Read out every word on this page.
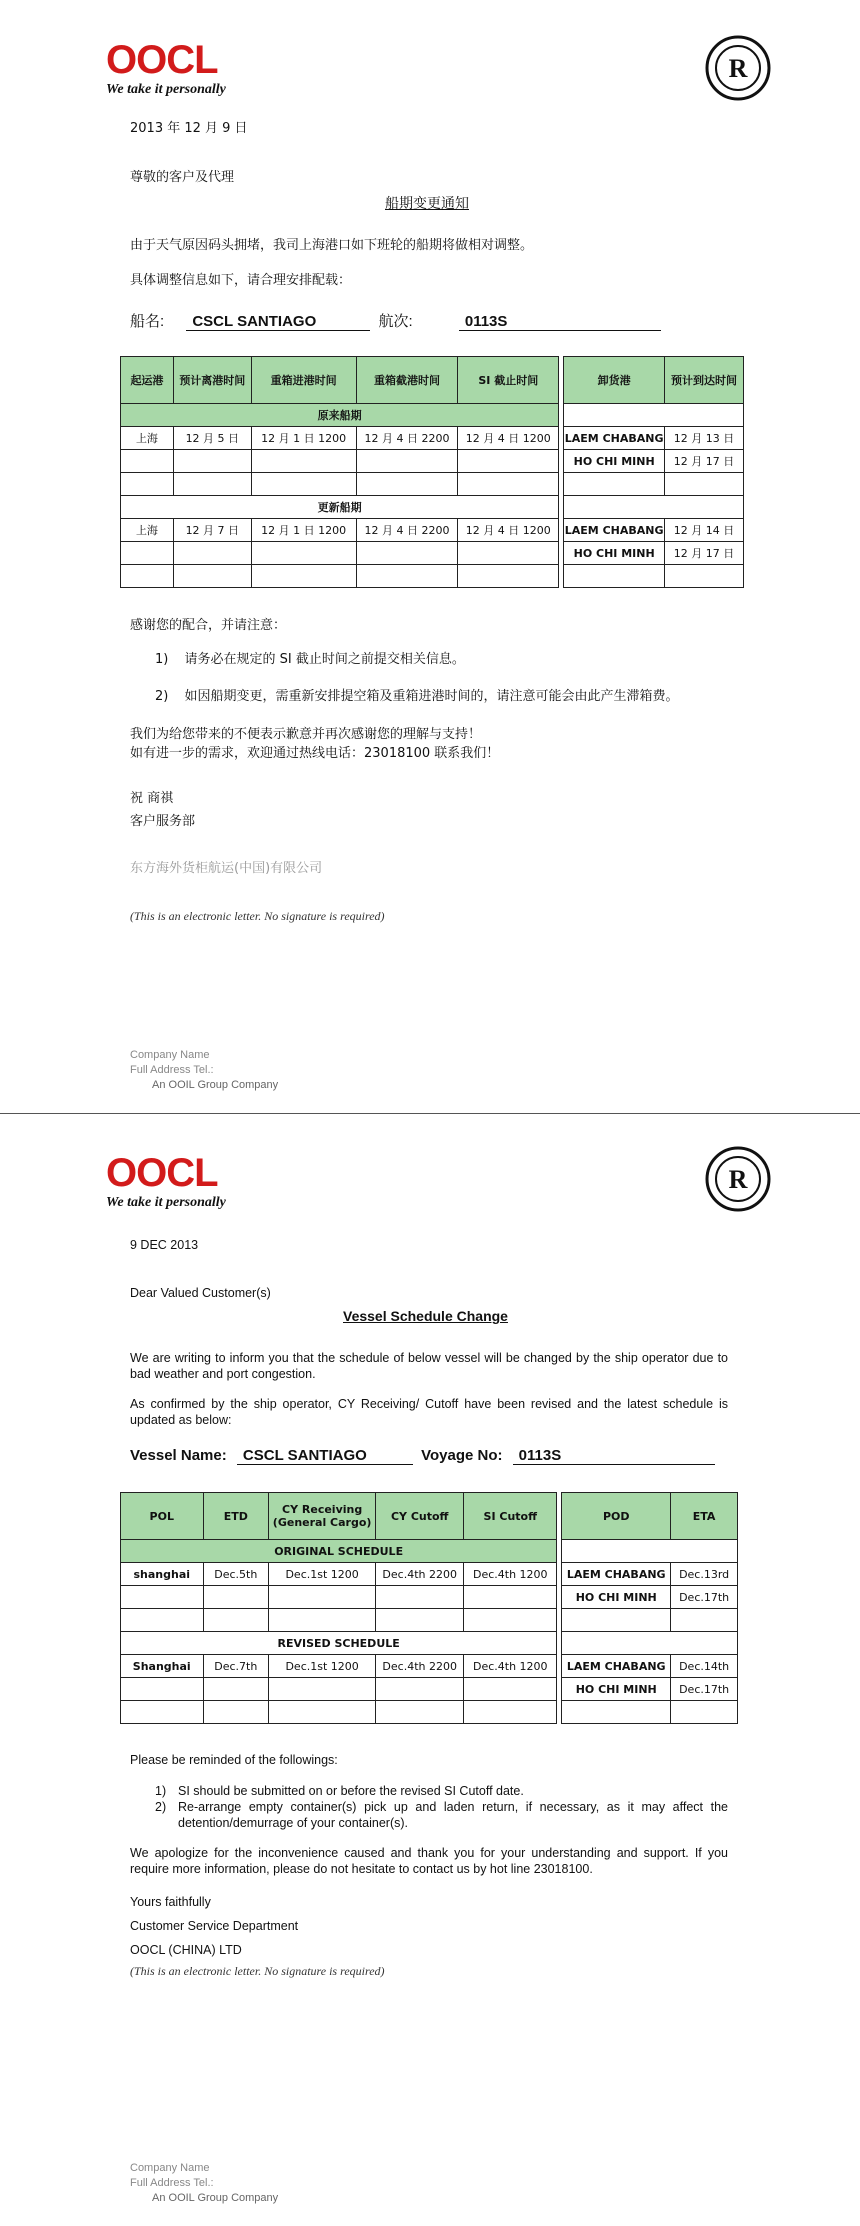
OOCL
We take it personally
R
2013 年 12 月 9 日
尊敬的客户及代理
船期变更通知
由于天气原因码头拥堵，我司上海港口如下班轮的船期将做相对调整。
具体调整信息如下，请合理安排配载：
船名: CSCL SANTIAGO	航次:	0113S
起运港	预计离港时间	重箱进港时间	重箱截港时间	SI 截止时间		卸货港	预计到达时间
原来船期							
上海	12 月 5 日	12 月 1 日 1200	12 月 4 日 2200	12 月 4 日 1200		LAEM CHABANG	12 月 13 日
						HO CHI MINH	12 月 17 日

更新船期							
上海	12 月 7 日	12 月 1 日 1200	12 月 4 日 2200	12 月 4 日 1200		LAEM CHABANG	12 月 14 日
						HO CHI MINH	12 月 17 日

感谢您的配合，并请注意：
1) 请务必在规定的 SI 截止时间之前提交相关信息。
2) 如因船期变更，需重新安排提空箱及重箱进港时间的，请注意可能会由此产生滞箱费。
我们为给您带来的不便表示歉意并再次感谢您的理解与支持！
如有进一步的需求，欢迎通过热线电话：23018100 联系我们！
祝 商祺
客户服务部
东方海外货柜航运(中国)有限公司
(This is an electronic letter. No signature is required)
Company Name
Full Address Tel.:
An OOIL Group Company
OOCL
We take it personally
R
9 DEC 2013
Dear Valued Customer(s)
Vessel Schedule Change
We are writing to inform you that the schedule of below vessel will be changed by the ship operator due to bad weather and port congestion.
As confirmed by the ship operator, CY Receiving/ Cutoff have been revised and the latest schedule is updated as below:
Vessel Name: CSCL SANTIAGO	Voyage No: 0113S
POL	ETD	CY Receiving (General Cargo)	CY Cutoff	SI Cutoff		POD	ETA
ORIGINAL SCHEDULE							
shanghai	Dec.5th	Dec.1st 1200	Dec.4th 2200	Dec.4th 1200		LAEM CHABANG	Dec.13rd
						HO CHI MINH	Dec.17th

REVISED SCHEDULE							
Shanghai	Dec.7th	Dec.1st 1200	Dec.4th 2200	Dec.4th 1200		LAEM CHABANG	Dec.14th
						HO CHI MINH	Dec.17th

Please be reminded of the followings:
1) SI should be submitted on or before the revised SI Cutoff date.
2) Re-arrange empty container(s) pick up and laden return, if necessary, as it may affect the detention/demurrage of your container(s).
We apologize for the inconvenience caused and thank you for your understanding and support. If you require more information, please do not hesitate to contact us by hot line 23018100.
Yours faithfully
Customer Service Department
OOCL (CHINA) LTD
(This is an electronic letter. No signature is required)
Company Name
Full Address Tel.:
An OOIL Group Company
